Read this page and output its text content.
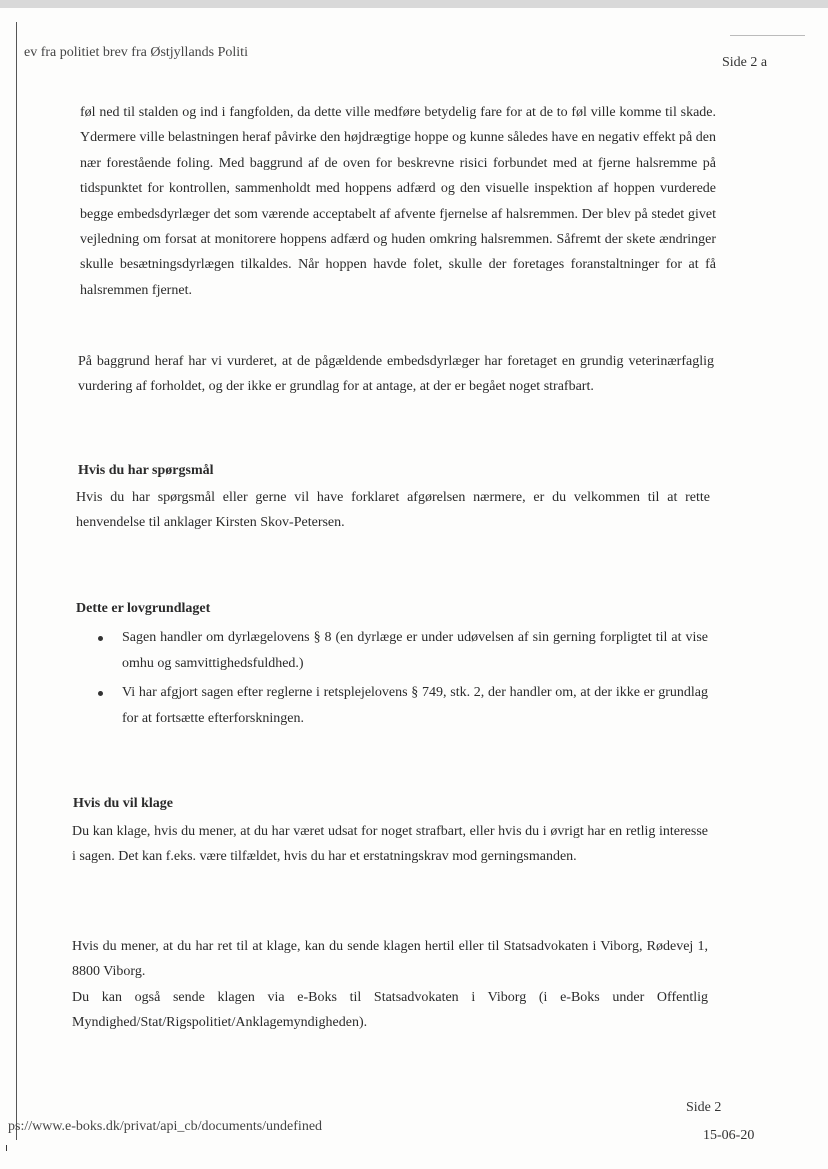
ev fra politiet brev fra Østjyllands Politi
Side 2 a

føl ned til stalden og ind i fangfolden, da dette ville medføre betydelig fare for at de to føl ville komme til skade. Ydermere ville belastningen heraf påvirke den højdrægtige hoppe og kunne således have en negativ effekt på den nær forestående foling. Med baggrund af de oven for beskrevne risici forbundet med at fjerne halsremme på tidspunktet for kontrollen, sammenholdt med hoppens adfærd og den visuelle inspektion af hoppen vurderede begge embedsdyrlæger det som værende acceptabelt af afvente fjernelse af halsremmen. Der blev på stedet givet vejledning om forsat at monitorere hoppens adfærd og huden omkring halsremmen. Såfremt der skete ændringer skulle besætningsdyrlægen tilkaldes. Når hoppen havde folet, skulle der foretages foranstaltninger for at få halsremmen fjernet.

På baggrund heraf har vi vurderet, at de pågældende embedsdyrlæger har foretaget en grundig veterinærfaglig vurdering af forholdet, og der ikke er grundlag for at antage, at der er begået noget strafbart.

Hvis du har spørgsmål

Hvis du har spørgsmål eller gerne vil have forklaret afgørelsen nærmere, er du velkommen til at rette henvendelse til anklager Kirsten Skov-Petersen.

Dette er lovgrundlaget
Sagen handler om dyrlægelovens § 8 (en dyrlæge er under udøvelsen af sin gerning forpligtet til at vise omhu og samvittighedsfuldhed.)
Vi har afgjort sagen efter reglerne i retsplejelovens § 749, stk. 2, der handler om, at der ikke er grundlag for at fortsætte efterforskningen.
Hvis du vil klage

Du kan klage, hvis du mener, at du har været udsat for noget strafbart, eller hvis du i øvrigt har en retlig interesse i sagen. Det kan f.eks. være tilfældet, hvis du har et erstatningskrav mod gerningsmanden.

Hvis du mener, at du har ret til at klage, kan du sende klagen hertil eller til Statsadvokaten i Viborg, Rødevej 1, 8800 Viborg.

Du kan også sende klagen via e-Boks til Statsadvokaten i Viborg (i e-Boks under Offentlig Myndighed/Stat/Rigspolitiet/Anklagemyndigheden).

ps://www.e-boks.dk/privat/api_cb/documents/undefined
Side 2
15-06-20
